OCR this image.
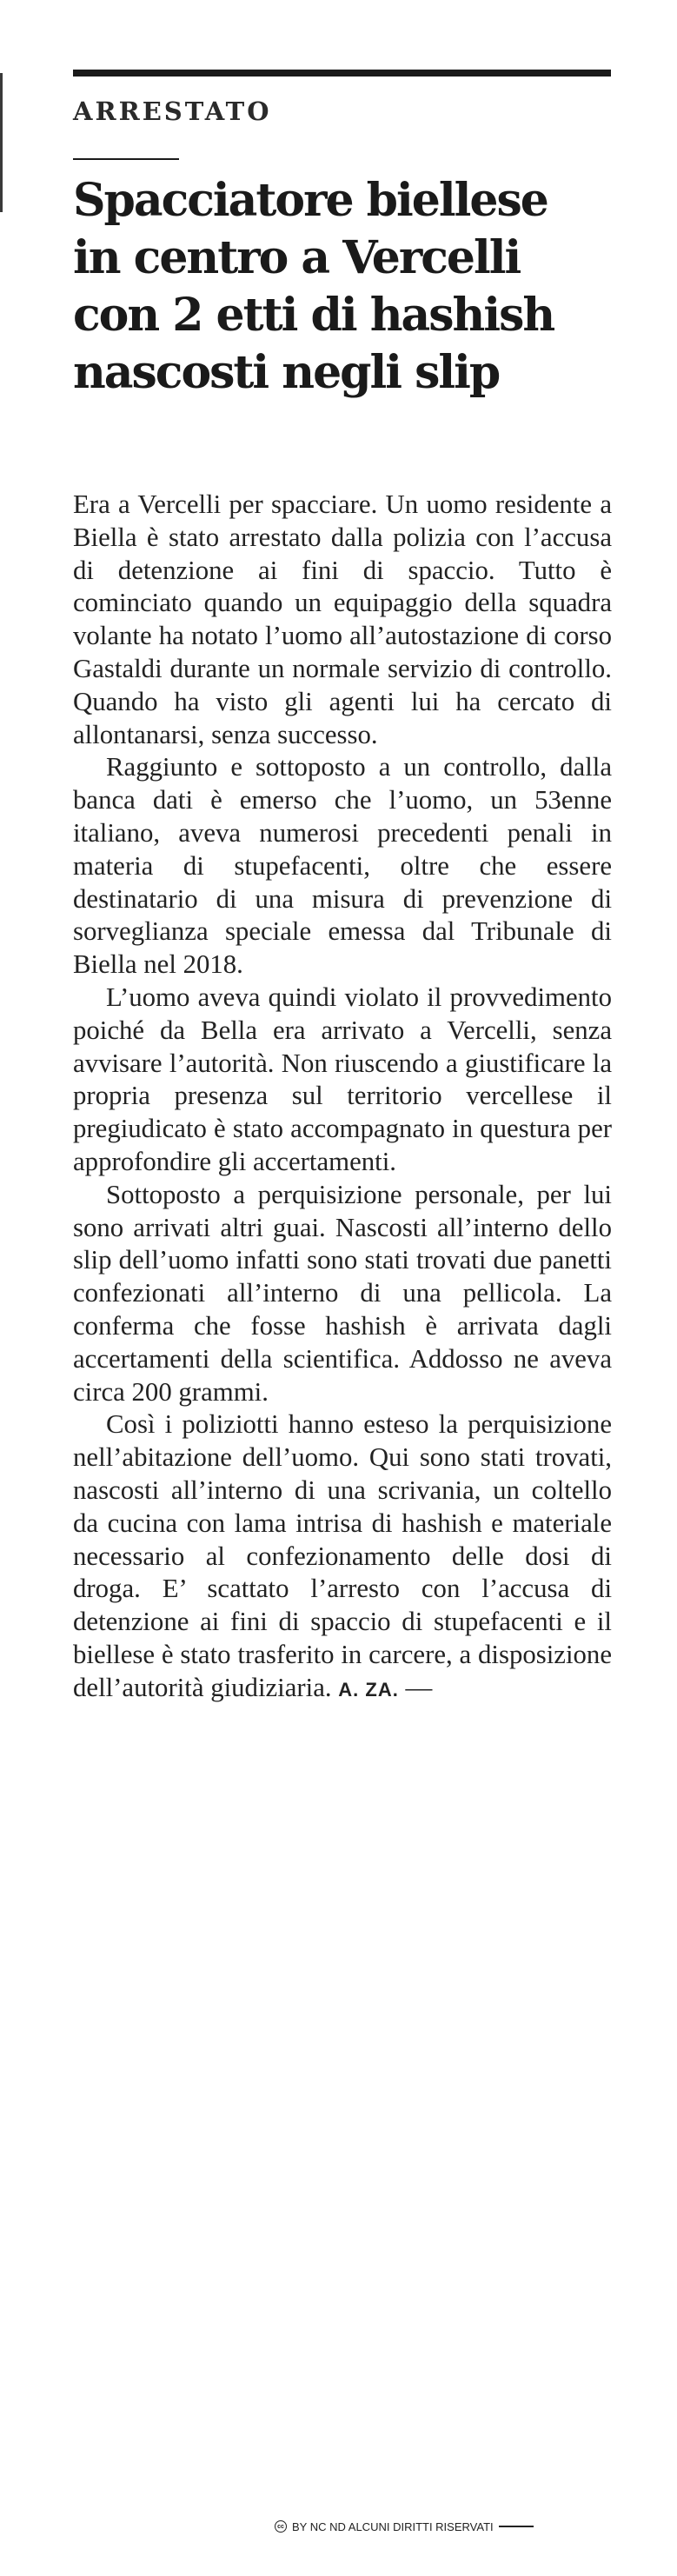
ARRESTATO
Spacciatore biellese
in centro a Vercelli
con 2 etti di hashish
nascosti negli slip

Era a Vercelli per spacciare. Un uomo residente a Biella è stato arrestato dalla polizia con l’accusa di detenzione ai fini di spaccio. Tutto è cominciato quando un equipaggio della squadra volante ha notato l’uomo all’autostazione di corso Gastaldi durante un normale servizio di controllo. Quando ha visto gli agenti lui ha cercato di allontanarsi, senza successo.

Raggiunto e sottoposto a un controllo, dalla banca dati è emerso che l’uomo, un 53enne italiano, aveva numerosi precedenti penali in materia di stupefacenti, oltre che essere destinatario di una misura di prevenzione di sorveglianza speciale emessa dal Tribunale di Biella nel 2018.

L’uomo aveva quindi violato il provvedimento poiché da Bella era arrivato a Vercelli, senza avvisare l’autorità. Non riuscendo a giustificare la propria presenza sul territorio vercellese il pregiudicato è stato accompagnato in questura per approfondire gli accertamenti.

Sottoposto a perquisizione personale, per lui sono arrivati altri guai. Nascosti all’interno dello slip dell’uomo infatti sono stati trovati due panetti confezionati all’interno di una pellicola. La conferma che fosse hashish è arrivata dagli accertamenti della scientifica. Addosso ne aveva circa 200 grammi.

Così i poliziotti hanno esteso la perquisizione nell’abitazione dell’uomo. Qui sono stati trovati, nascosti all’interno di una scrivania, un coltello da cucina con lama intrisa di hashish e materiale necessario al confezionamento delle dosi di droga. E’ scattato l’arresto con l’accusa di detenzione ai fini di spaccio di stupefacenti e il biellese è stato trasferito in carcere, a disposizione dell’autorità giudiziaria. A. ZA. —

cc BY NC ND ALCUNI DIRITTI RISERVATI
